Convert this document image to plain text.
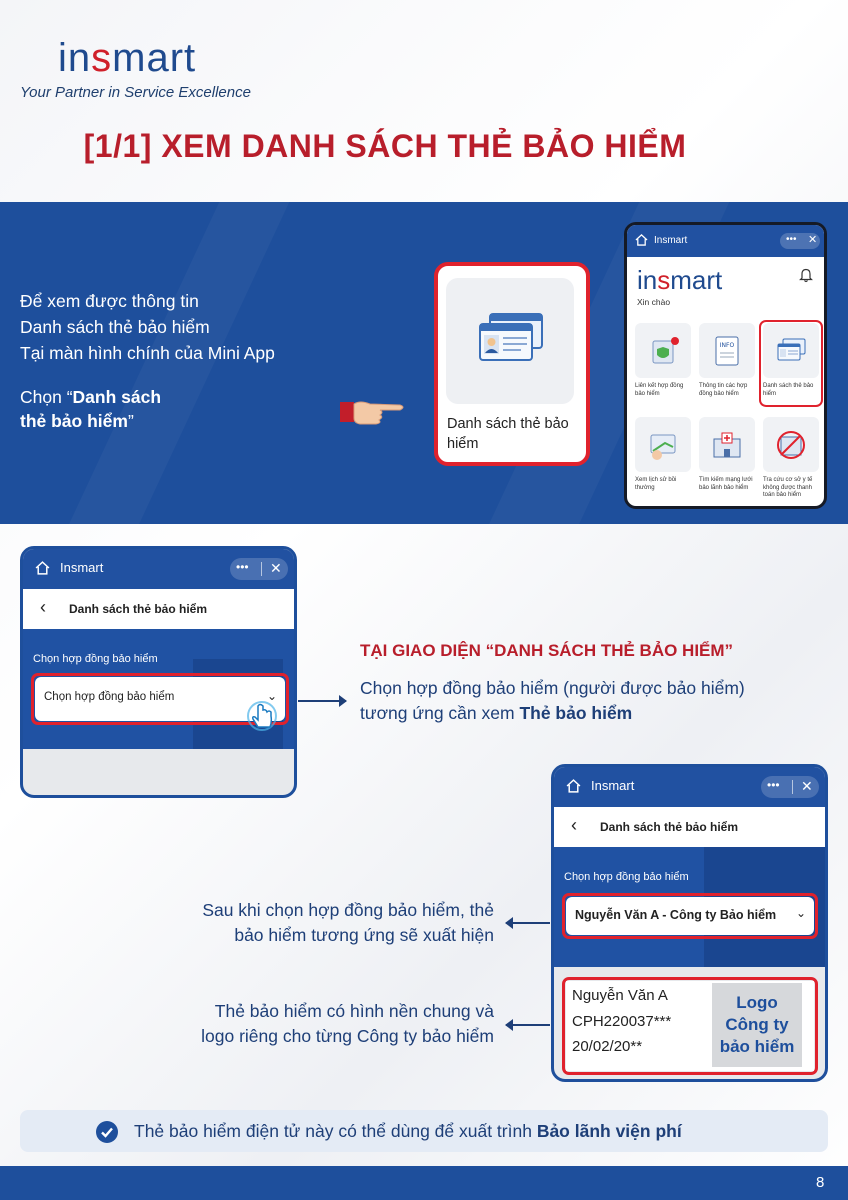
insmart
Your Partner in Service Excellence
[1/1] XEM DANH SÁCH THẺ BẢO HIỂM
Để xem được thông tin
Danh sách thẻ bảo hiểm
Tại màn hình chính của Mini App
Chọn “Danh sách
thẻ bảo hiểm”	Danh sách thẻ bảo
hiểm
Insmart	••• ✕
insmart
Xin chào
INFO
Liên kết hợp đồng
bảo hiểm
Thông tin các hợp
đồng bảo hiểm
Danh sách thẻ bảo
hiểm
Xem lịch sử bồi
thường
Tìm kiếm mạng lưới
bảo lãnh bảo hiểm
Tra cứu cơ sở y tế
không được thanh
toán bảo hiểm
Insmart	••• ✕
‹ Danh sách thẻ bảo hiểm
Chọn hợp đồng bảo hiểm
Chọn hợp đồng bảo hiểm	⌄
TẠI GIAO DIỆN “DANH SÁCH THẺ BẢO HIỂM”
Chọn hợp đồng bảo hiểm (người được bảo hiểm)
tương ứng cần xem Thẻ bảo hiểm
Insmart	••• ✕
‹ Danh sách thẻ bảo hiểm
Chọn hợp đồng bảo hiểm
Nguyễn Văn A - Công ty Bảo hiểm ⌄
Nguyễn Văn A
CPH220037***
20/02/20**
Logo
Công ty
bảo hiểm
Sau khi chọn hợp đồng bảo hiểm, thẻ
bảo hiểm tương ứng sẽ xuất hiện
Thẻ bảo hiểm có hình nền chung và
logo riêng cho từng Công ty bảo hiểm
Thẻ bảo hiểm điện tử này có thể dùng để xuất trình Bảo lãnh viện phí
8
